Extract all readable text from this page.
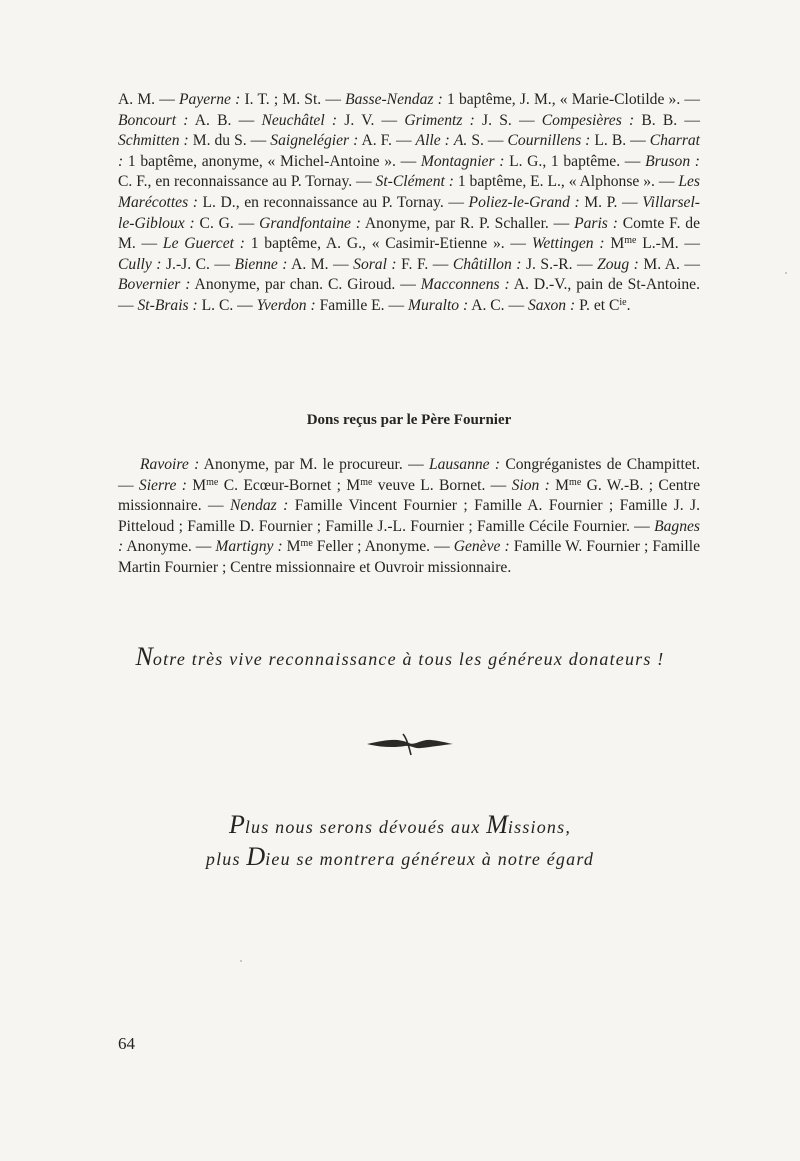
A. M. — Payerne : I. T. ; M. St. — Basse-Nendaz : 1 baptême, J. M., « Marie-Clotilde ». — Boncourt : A. B. — Neuchâtel : J. V. — Grimentz : J. S. — Compesières : B. B. — Schmitten : M. du S. — Saignelégier : A. F. — Alle : A. S. — Cournillens : L. B. — Charrat : 1 baptême, anonyme, « Michel-Antoine ». — Montagnier : L. G., 1 baptême. — Bruson : C. F., en reconnaissance au P. Tornay. — St-Clément : 1 baptême, E. L., « Alphonse ». — Les Marécottes : L. D., en reconnaissance au P. Tornay. — Poliez-le-Grand : M. P. — Villarsel-le-Gibloux : C. G. — Grandfontaine : Anonyme, par R. P. Schaller. — Paris : Comte F. de M. — Le Guercet : 1 baptême, A. G., « Casimir-Etienne ». — Wettingen : $M^{me}$ L.-M. — Cully : J.-J. C. — Bienne : A. M. — Soral : F. F. — Châtillon : J. S.-R. — Zoug : M. A. — Bovernier : Anonyme, par chan. C. Giroud. — Macconnens : A. D.-V., pain de St-Antoine. — St-Brais : L. C. — Yverdon : Famille E. — Muralto : A. C. — Saxon : P. et $C^{ie}$.

Dons reçus par le Père Fournier

Ravoire : Anonyme, par M. le procureur. — Lausanne : Congréganistes de Champittet. — Sierre : $M^{me}$ C. Ecœur-Bornet ; $M^{me}$ veuve L. Bornet. — Sion : $M^{me}$ G. W.-B. ; Centre missionnaire. — Nendaz : Famille Vincent Fournier ; Famille A. Fournier ; Famille J. J. Pitteloud ; Famille D. Fournier ; Famille J.-L. Fournier ; Famille Cécile Fournier. — Bagnes : Anonyme. — Martigny : $M^{me}$ Feller ; Anonyme. — Genève : Famille W. Fournier ; Famille Martin Fournier ; Centre missionnaire et Ouvroir missionnaire.

Notre très vive reconnaissance à tous les généreux donateurs !
Plus nous serons dévoués aux Missions,
plus Dieu se montrera généreux à notre égard
64
